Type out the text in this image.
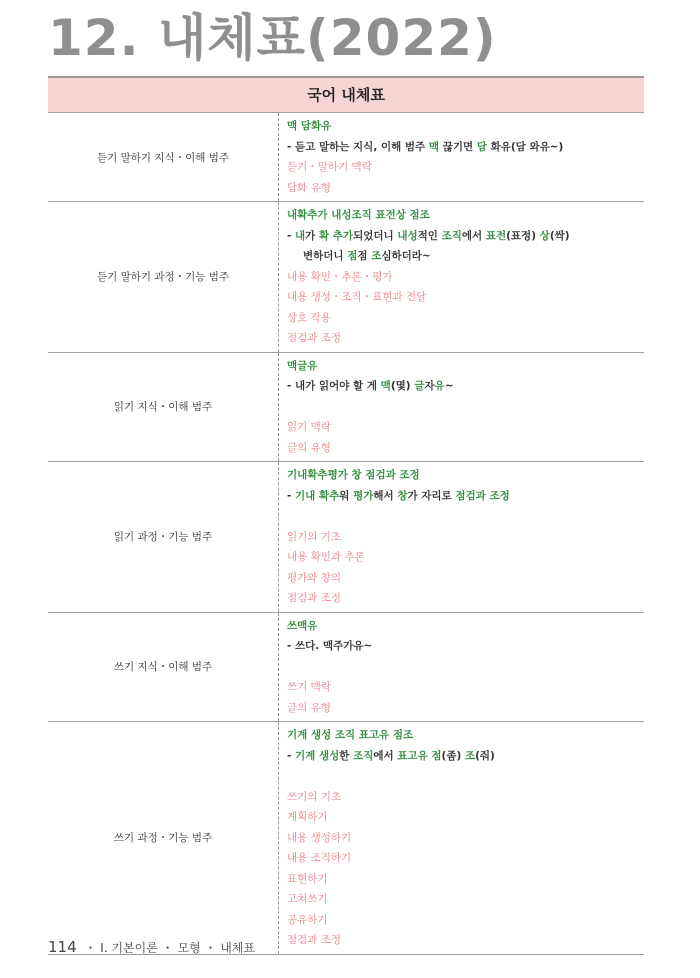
12. 내체표(2022)
국어 내체표
듣기 말하기 지식・이해 범주
맥 담화유
- 듣고 말하는 지식, 이해 범주 맥 끊기면 담 화유(담 와유~)
듣기・말하기 맥락
담화 유형
듣기 말하기 과정・기능 범주
내확추가 내성조직 표전상 점조
- 내가 확 추가되었더니 내성적인 조직에서 표전(표정) 상(싹)
변하더니 점점 조심하더라~
내용 확인・추론・평가
내용 생성・조직・표현과 전달
상호 작용
점검과 조정
읽기 지식・이해 범주
맥글유
- 내가 읽어야 할 게 맥(몇) 글자유~
읽기 맥락
글의 유형
읽기 과정・기능 범주
기내확추평가 창 점검과 조정
- 기내 확추워 평가해서 창가 자리로 점검과 조정
읽기의 기초
내용 확인과 추론
평가와 창의
점검과 조정
쓰기 지식・이해 범주
쓰맥유
- 쓰다. 맥주가유~
쓰기 맥락
글의 유형
쓰기 과정・기능 범주
기계 생성 조직 표고유 점조
- 기계 생성한 조직에서 표고유 점(좀) 조(줘)
쓰기의 기초
계획하기
내용 생성하기
내용 조직하기
표현하기
고쳐쓰기
공유하기
점검과 조정
114 ・ Ⅰ. 기본이론 ・ 모형 ・ 내체표
